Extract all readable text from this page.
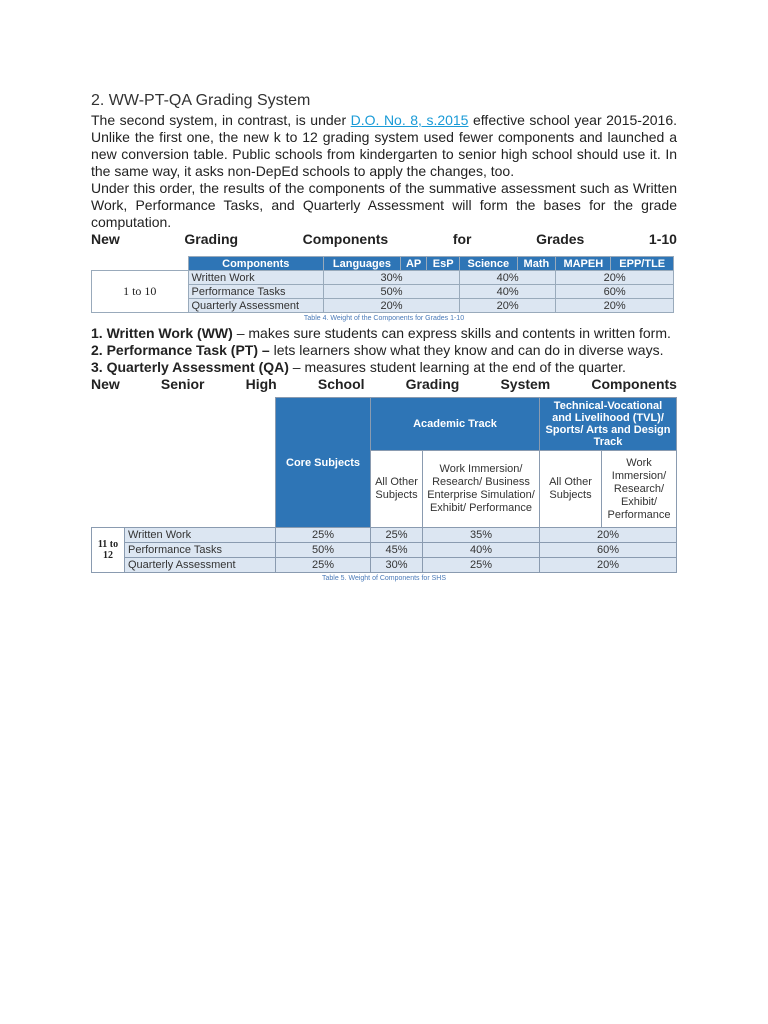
2. WW-PT-QA Grading System

The second system, in contrast, is under D.O. No. 8, s.2015 effective school year 2015-2016. Unlike the first one, the new k to 12 grading system used fewer components and launched a new conversion table. Public schools from kindergarten to senior high school should use it. In the same way, it asks non-DepEd schools to apply the changes, too.

Under this order, the results of the components of the summative assessment such as Written Work, Performance Tasks, and Quarterly Assessment will form the bases for the grade computation.

New	Grading	Components	for	Grades	1-10
	Components	Languages	AP	EsP	Science	Math	MAPEH	EPP/TLE
1 to 10	Written Work	30%			40%		20%	
	Performance Tasks	50%			40%		60%	
	Quarterly Assessment	20%			20%		20%	
Table 4. Weight of the Components for Grades 1-10

1. Written Work (WW) – makes sure students can express skills and contents in written form.

2. Performance Task (PT) – lets learners show what they know and can do in diverse ways.

3. Quarterly Assessment (QA) – measures student learning at the end of the quarter.

New	Senior	High	School	Grading	System	Components
		Core Subjects	Academic Track		Technical-Vocational and Livelihood (TVL)/ Sports/ Arts and Design Track	
			All Other Subjects	Work Immersion/ Research/ Business Enterprise Simulation/ Exhibit/ Performance	All Other Subjects	Work Immersion/ Research/ Exhibit/ Performance
11 to 12	Written Work	25%	25%	35%	20%	
	Performance Tasks	50%	45%	40%	60%	
	Quarterly Assessment	25%	30%	25%	20%	
Table 5. Weight of Components for SHS
